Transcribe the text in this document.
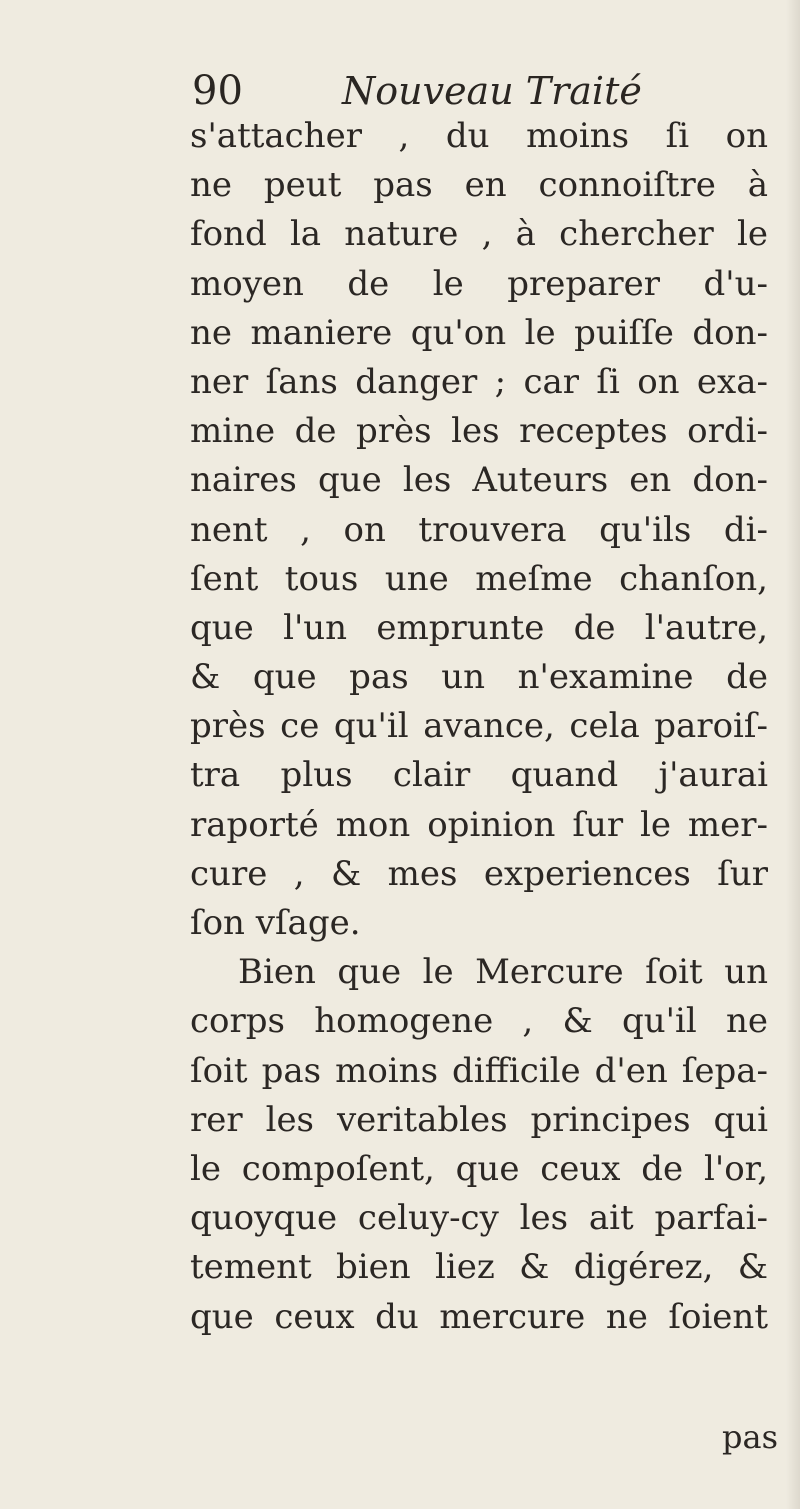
90	Nouveau Traité
s'attacher , du moins ſi on
ne peut pas en connoiſtre à
fond la nature , à chercher le
moyen de le preparer d'u-
ne maniere qu'on le puiſſe don-
ner ſans danger ; car ſi on exa-
mine de près les receptes ordi-
naires que les Auteurs en don-
nent , on trouvera qu'ils di-
ſent tous une meſme chanſon,
que l'un emprunte de l'autre,
& que pas un n'examine de
près ce qu'il avance, cela paroiſ-
tra plus clair quand j'aurai
raporté mon opinion ſur le mer-
cure , & mes experiences ſur
ſon vſage.
Bien que le Mercure ſoit un
corps homogene , & qu'il ne
ſoit pas moins difficile d'en ſepa-
rer les veritables principes qui
le compoſent, que ceux de l'or,
quoyque celuy-cy les ait parfai-
tement bien liez & digérez, &
que ceux du mercure ne ſoient
pas
